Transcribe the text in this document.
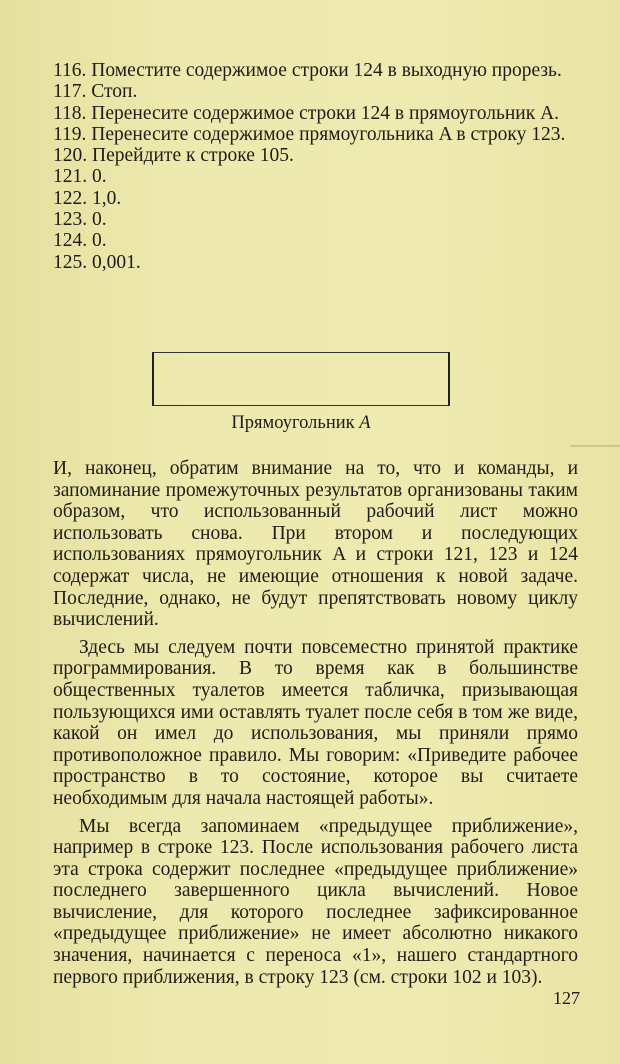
116. Поместите содержимое строки 124 в выходную прорезь.
117. Стоп.
118. Перенесите содержимое строки 124 в прямоугольник A.
119. Перенесите содержимое прямоугольника A в строку 123.
120. Перейдите к строке 105.
121. 0.
122. 1,0.
123. 0.
124. 0.
125. 0,001.
Прямоугольник A

И, наконец, обратим внимание на то, что и команды, и запоминание промежуточных результатов организованы таким образом, что использованный рабочий лист можно использовать снова. При втором и последующих использованиях прямоугольник A и строки 121, 123 и 124 содержат числа, не имеющие отношения к новой задаче. Последние, однако, не будут препятствовать новому циклу вычислений.

Здесь мы следуем почти повсеместно принятой практике программирования. В то время как в большинстве общественных туалетов имеется табличка, призывающая пользующихся ими оставлять туалет после себя в том же виде, какой он имел до использования, мы приняли прямо противоположное правило. Мы говорим: «Приведите рабочее пространство в то состояние, которое вы считаете необходимым для начала настоящей работы».

Мы всегда запоминаем «предыдущее приближение», например в строке 123. После использования рабочего листа эта строка содержит последнее «предыдущее приближение» последнего завершенного цикла вычислений. Новое вычисление, для которого последнее зафиксированное «предыдущее приближение» не имеет абсолютно никакого значения, начинается с переноса «1», нашего стандартного первого приближения, в строку 123 (см. строки 102 и 103).

127
